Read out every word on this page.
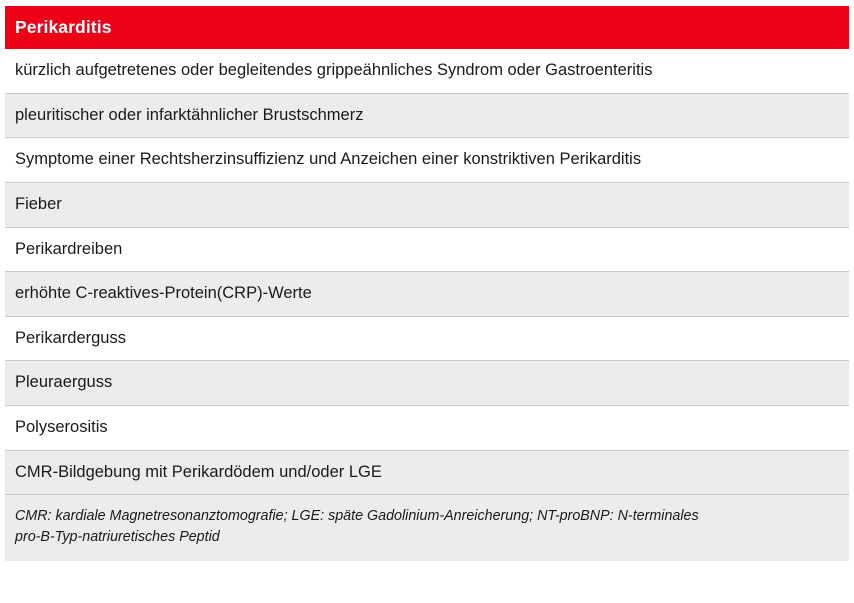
Perikarditis
kürzlich aufgetretenes oder begleitendes grippeähnliches Syndrom oder Gastroenteritis
pleuritischer oder infarktähnlicher Brustschmerz
Symptome einer Rechtsherzinsuffizienz und Anzeichen einer konstriktiven Perikarditis
Fieber
Perikardreiben
erhöhte C-reaktives-Protein(CRP)-Werte
Perikarderguss
Pleuraerguss
Polyserositis
CMR-Bildgebung mit Perikardödem und/oder LGE

CMR: kardiale Magnetresonanztomografie; LGE: späte Gadolinium-Anreicherung; NT-proBNP: N-terminales
pro-B-Typ-natriuretisches Peptid
